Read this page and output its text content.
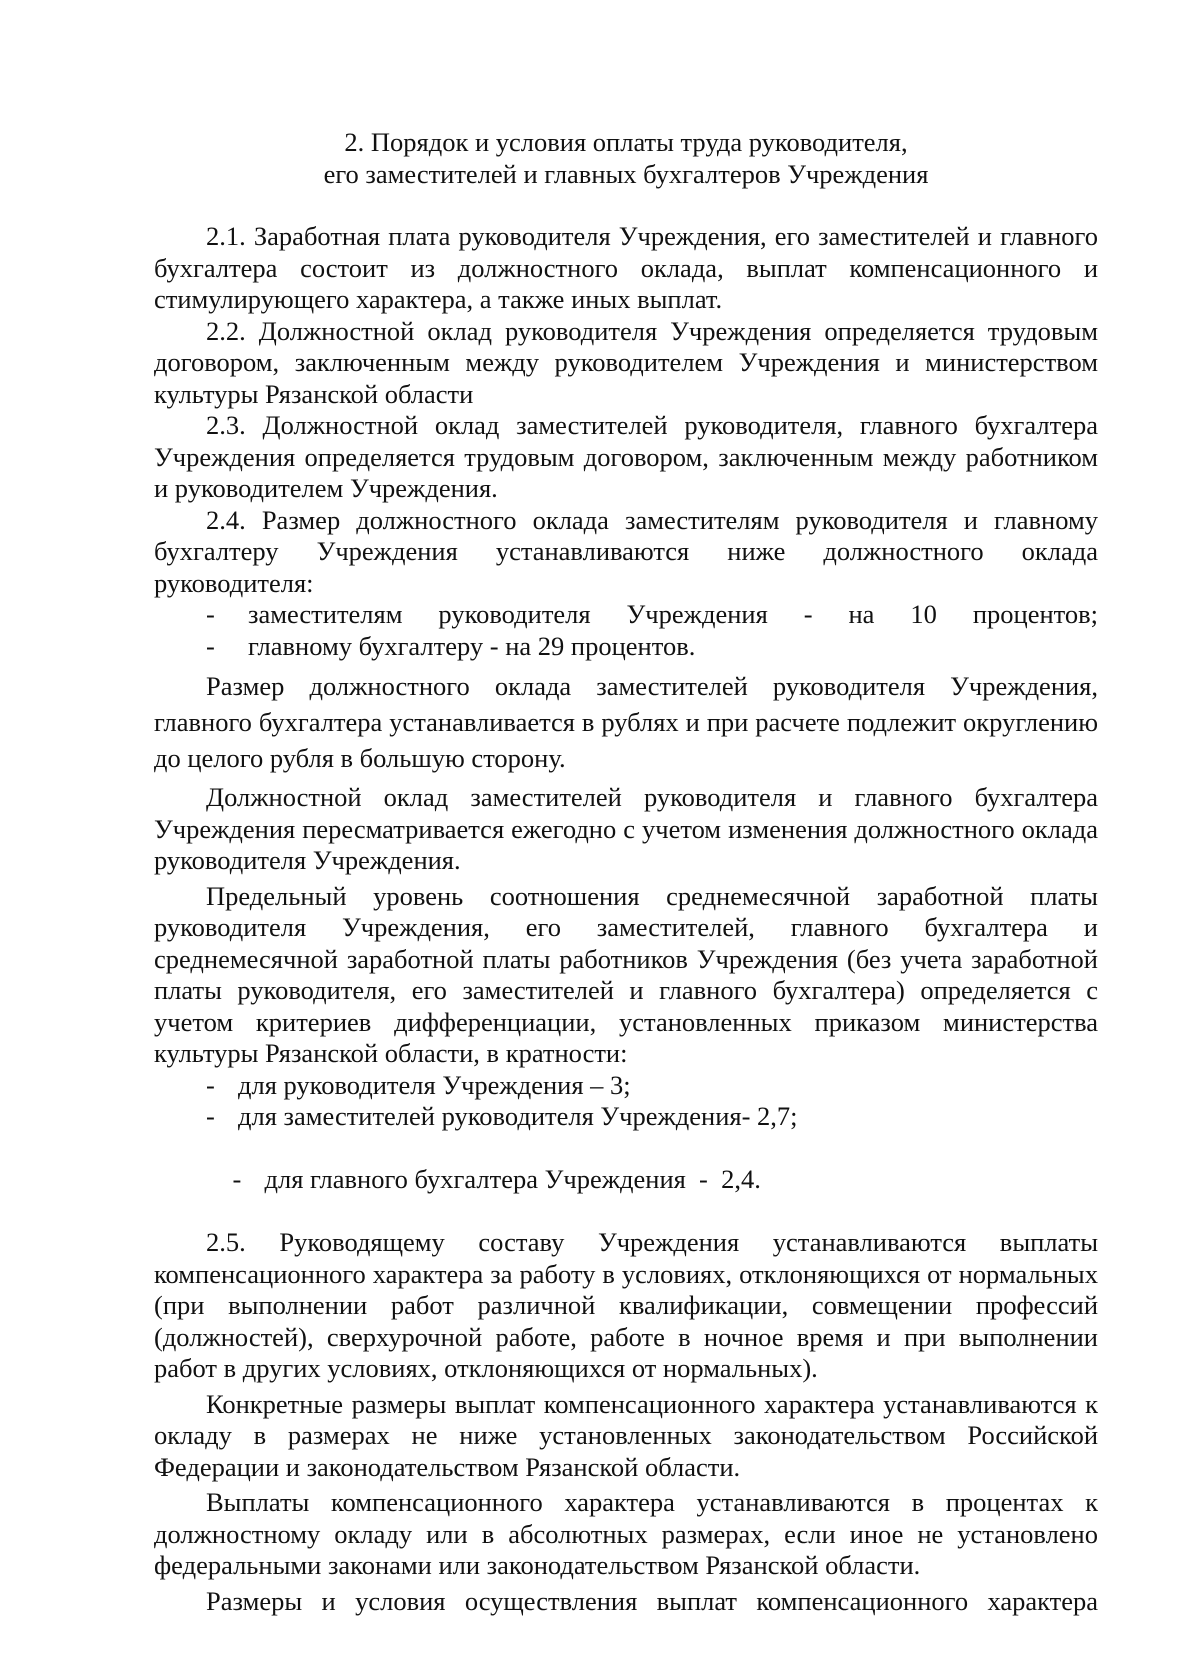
2. Порядок и условия оплаты труда руководителя,
его заместителей и главных бухгалтеров Учреждения

2.1. Заработная плата руководителя Учреждения, его заместителей и главного бухгалтера состоит из должностного оклада, выплат компенсационного и стимулирующего характера, а также иных выплат.

2.2. Должностной оклад руководителя Учреждения определяется трудовым договором, заключенным между руководителем Учреждения и министерством культуры Рязанской области

2.3. Должностной оклад заместителей руководителя, главного бухгалтера Учреждения определяется трудовым договором, заключенным между работником и руководителем Учреждения.

2.4. Размер должностного оклада заместителям руководителя и главному бухгалтеру Учреждения устанавливаются ниже должностного оклада руководителя:

- заместителям руководителя Учреждения - на 10 процентов;
- главному бухгалтеру - на 29 процентов.

Размер должностного оклада заместителей руководителя Учреждения, главного бухгалтера устанавливается в рублях и при расчете подлежит округлению до целого рубля в большую сторону.

Должностной оклад заместителей руководителя и главного бухгалтера Учреждения пересматривается ежегодно с учетом изменения должностного оклада руководителя Учреждения.

Предельный уровень соотношения среднемесячной заработной платы руководителя Учреждения, его заместителей, главного бухгалтера и среднемесячной заработной платы работников Учреждения (без учета заработной платы руководителя, его заместителей и главного бухгалтера) определяется с учетом критериев дифференциации, установленных приказом министерства культуры Рязанской области, в кратности:

- для руководителя Учреждения – 3;
- для заместителей руководителя Учреждения- 2,7;

- для главного бухгалтера Учреждения  -  2,4.

2.5. Руководящему составу Учреждения устанавливаются выплаты компенсационного характера за работу в условиях, отклоняющихся от нормальных (при выполнении работ различной квалификации, совмещении профессий (должностей), сверхурочной работе, работе в ночное время и при выполнении работ в других условиях, отклоняющихся от нормальных).

Конкретные размеры выплат компенсационного характера устанавливаются к окладу в размерах не ниже установленных законодательством Российской Федерации и законодательством Рязанской области.

Выплаты компенсационного характера устанавливаются в процентах к должностному окладу или в абсолютных размерах, если иное не установлено федеральными законами или законодательством Рязанской области.

Размеры и условия осуществления выплат компенсационного характера
